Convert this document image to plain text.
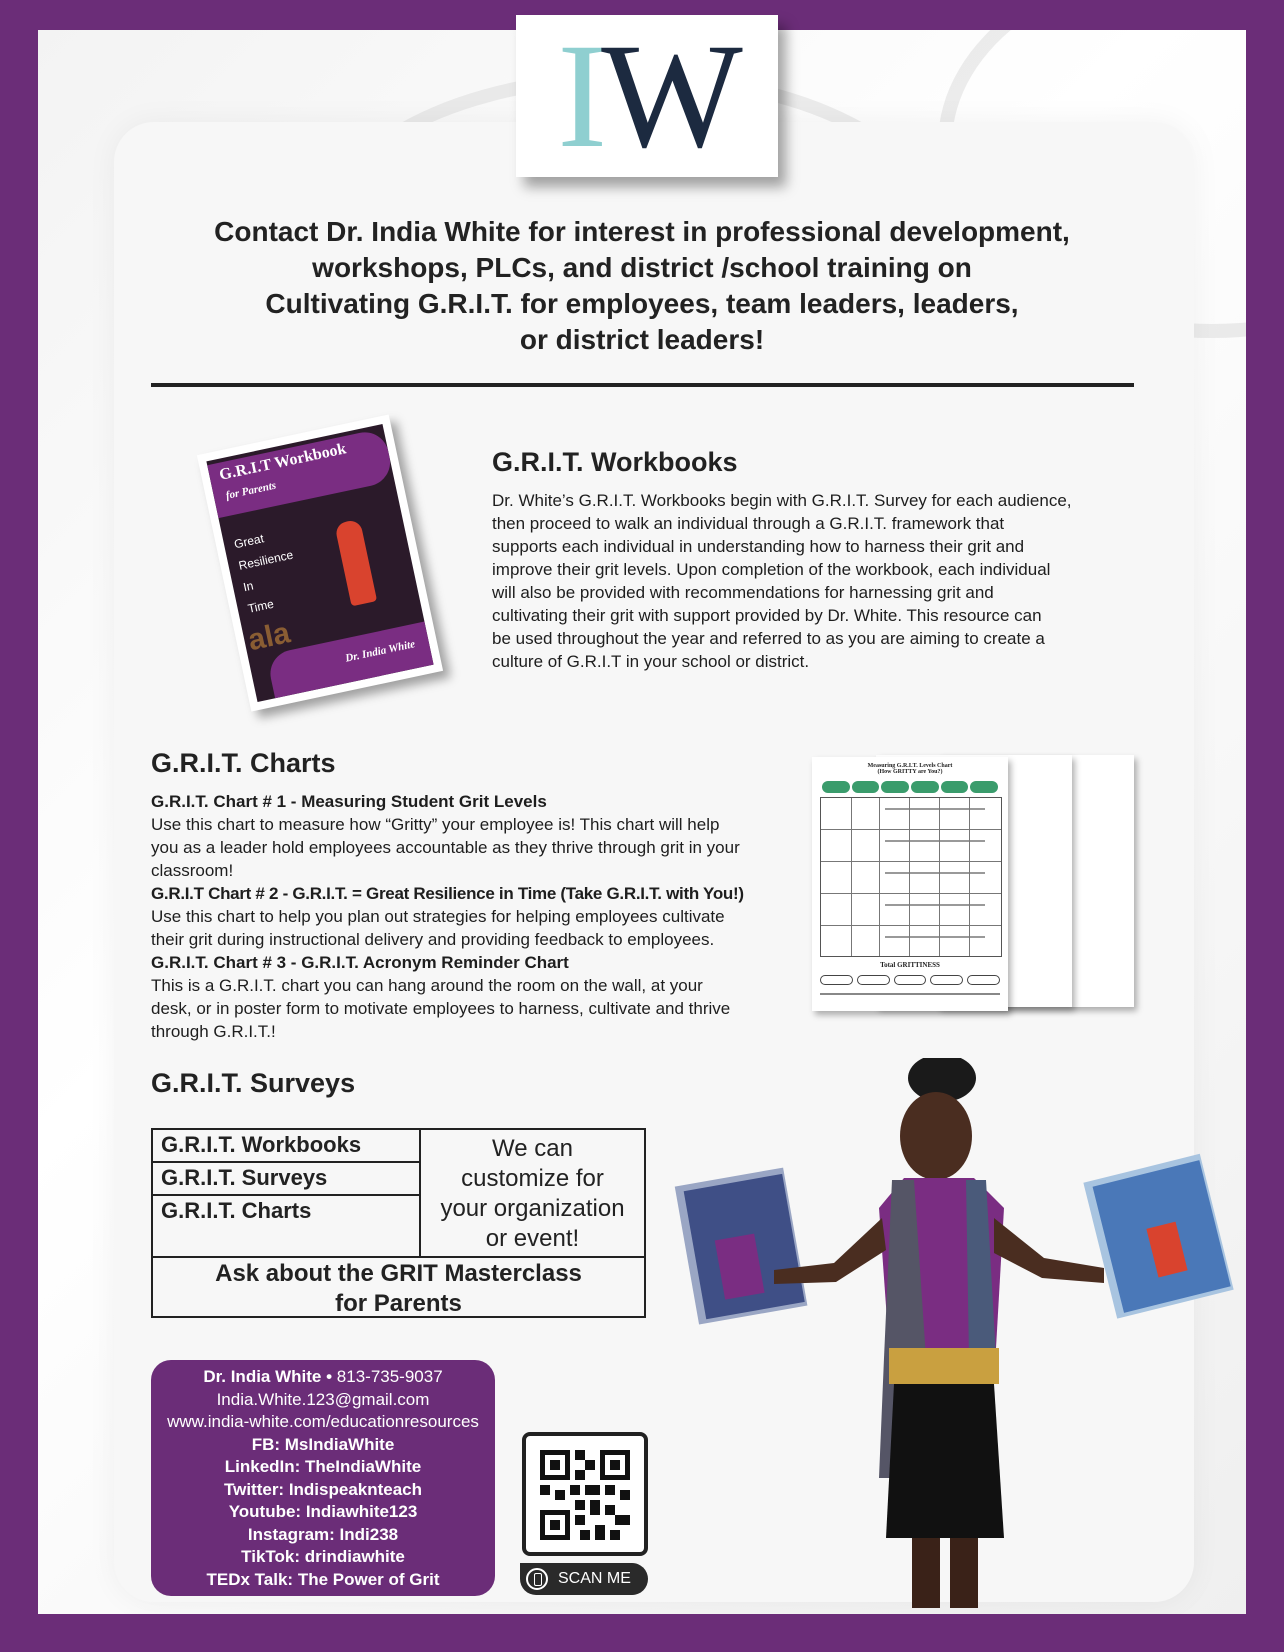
I W
Contact Dr. India White for interest in professional development,
workshops, PLCs, and district /school training on
Cultivating G.R.I.T. for employees, team leaders, leaders,
or district leaders!
G.R.I.T Workbook
for Parents
Great
Resilience
In
Time
ala	Dr. India White
G.R.I.T. Workbooks
Dr. White’s G.R.I.T. Workbooks begin with G.R.I.T. Survey for each audience,
then proceed to walk an individual through a G.R.I.T. framework that
supports each individual in understanding how to harness their grit and
improve their grit levels. Upon completion of the workbook, each individual
will also be provided with recommendations for harnessing grit and
cultivating their grit with support provided by Dr. White. This resource can
be used throughout the year and referred to as you are aiming to create a
culture of G.R.I.T in your school or district.
G.R.I.T. Charts
G.R.I.T. Chart # 1 - Measuring Student Grit Levels
Use this chart to measure how “Gritty” your employee is! This chart will help
you as a leader hold employees accountable as they thrive through grit in your
classroom!
G.R.I.T Chart # 2 - G.R.I.T. = Great Resilience in Time (Take G.R.I.T. with You!)
Use this chart to help you plan out strategies for helping employees cultivate
their grit during instructional delivery and providing feedback to employees.
G.R.I.T. Chart # 3 - G.R.I.T. Acronym Reminder Chart
This is a G.R.I.T. chart you can hang around the room on the wall, at your
desk, or in poster form to motivate employees to harness, cultivate and thrive
through G.R.I.T.!
Measuring G.R.I.T. Levels Chart
(How GRITTY are You?)
Total GRITTINESS
G.R.I.T. Surveys
G.R.I.T. Workbooks
G.R.I.T. Surveys
G.R.I.T. Charts
We can
customize for
your organization
or event!
Ask about the GRIT Masterclass
for Parents
Dr. India White • 813-735-9037
India.White.123@gmail.com
www.india-white.com/educationresources
FB: MsIndiaWhite
LinkedIn: TheIndiaWhite
Twitter: Indispeaknteach
Youtube: Indiawhite123
Instagram: Indi238
TikTok: drindiawhite
TEDx Talk: The Power of Grit	SCAN ME
